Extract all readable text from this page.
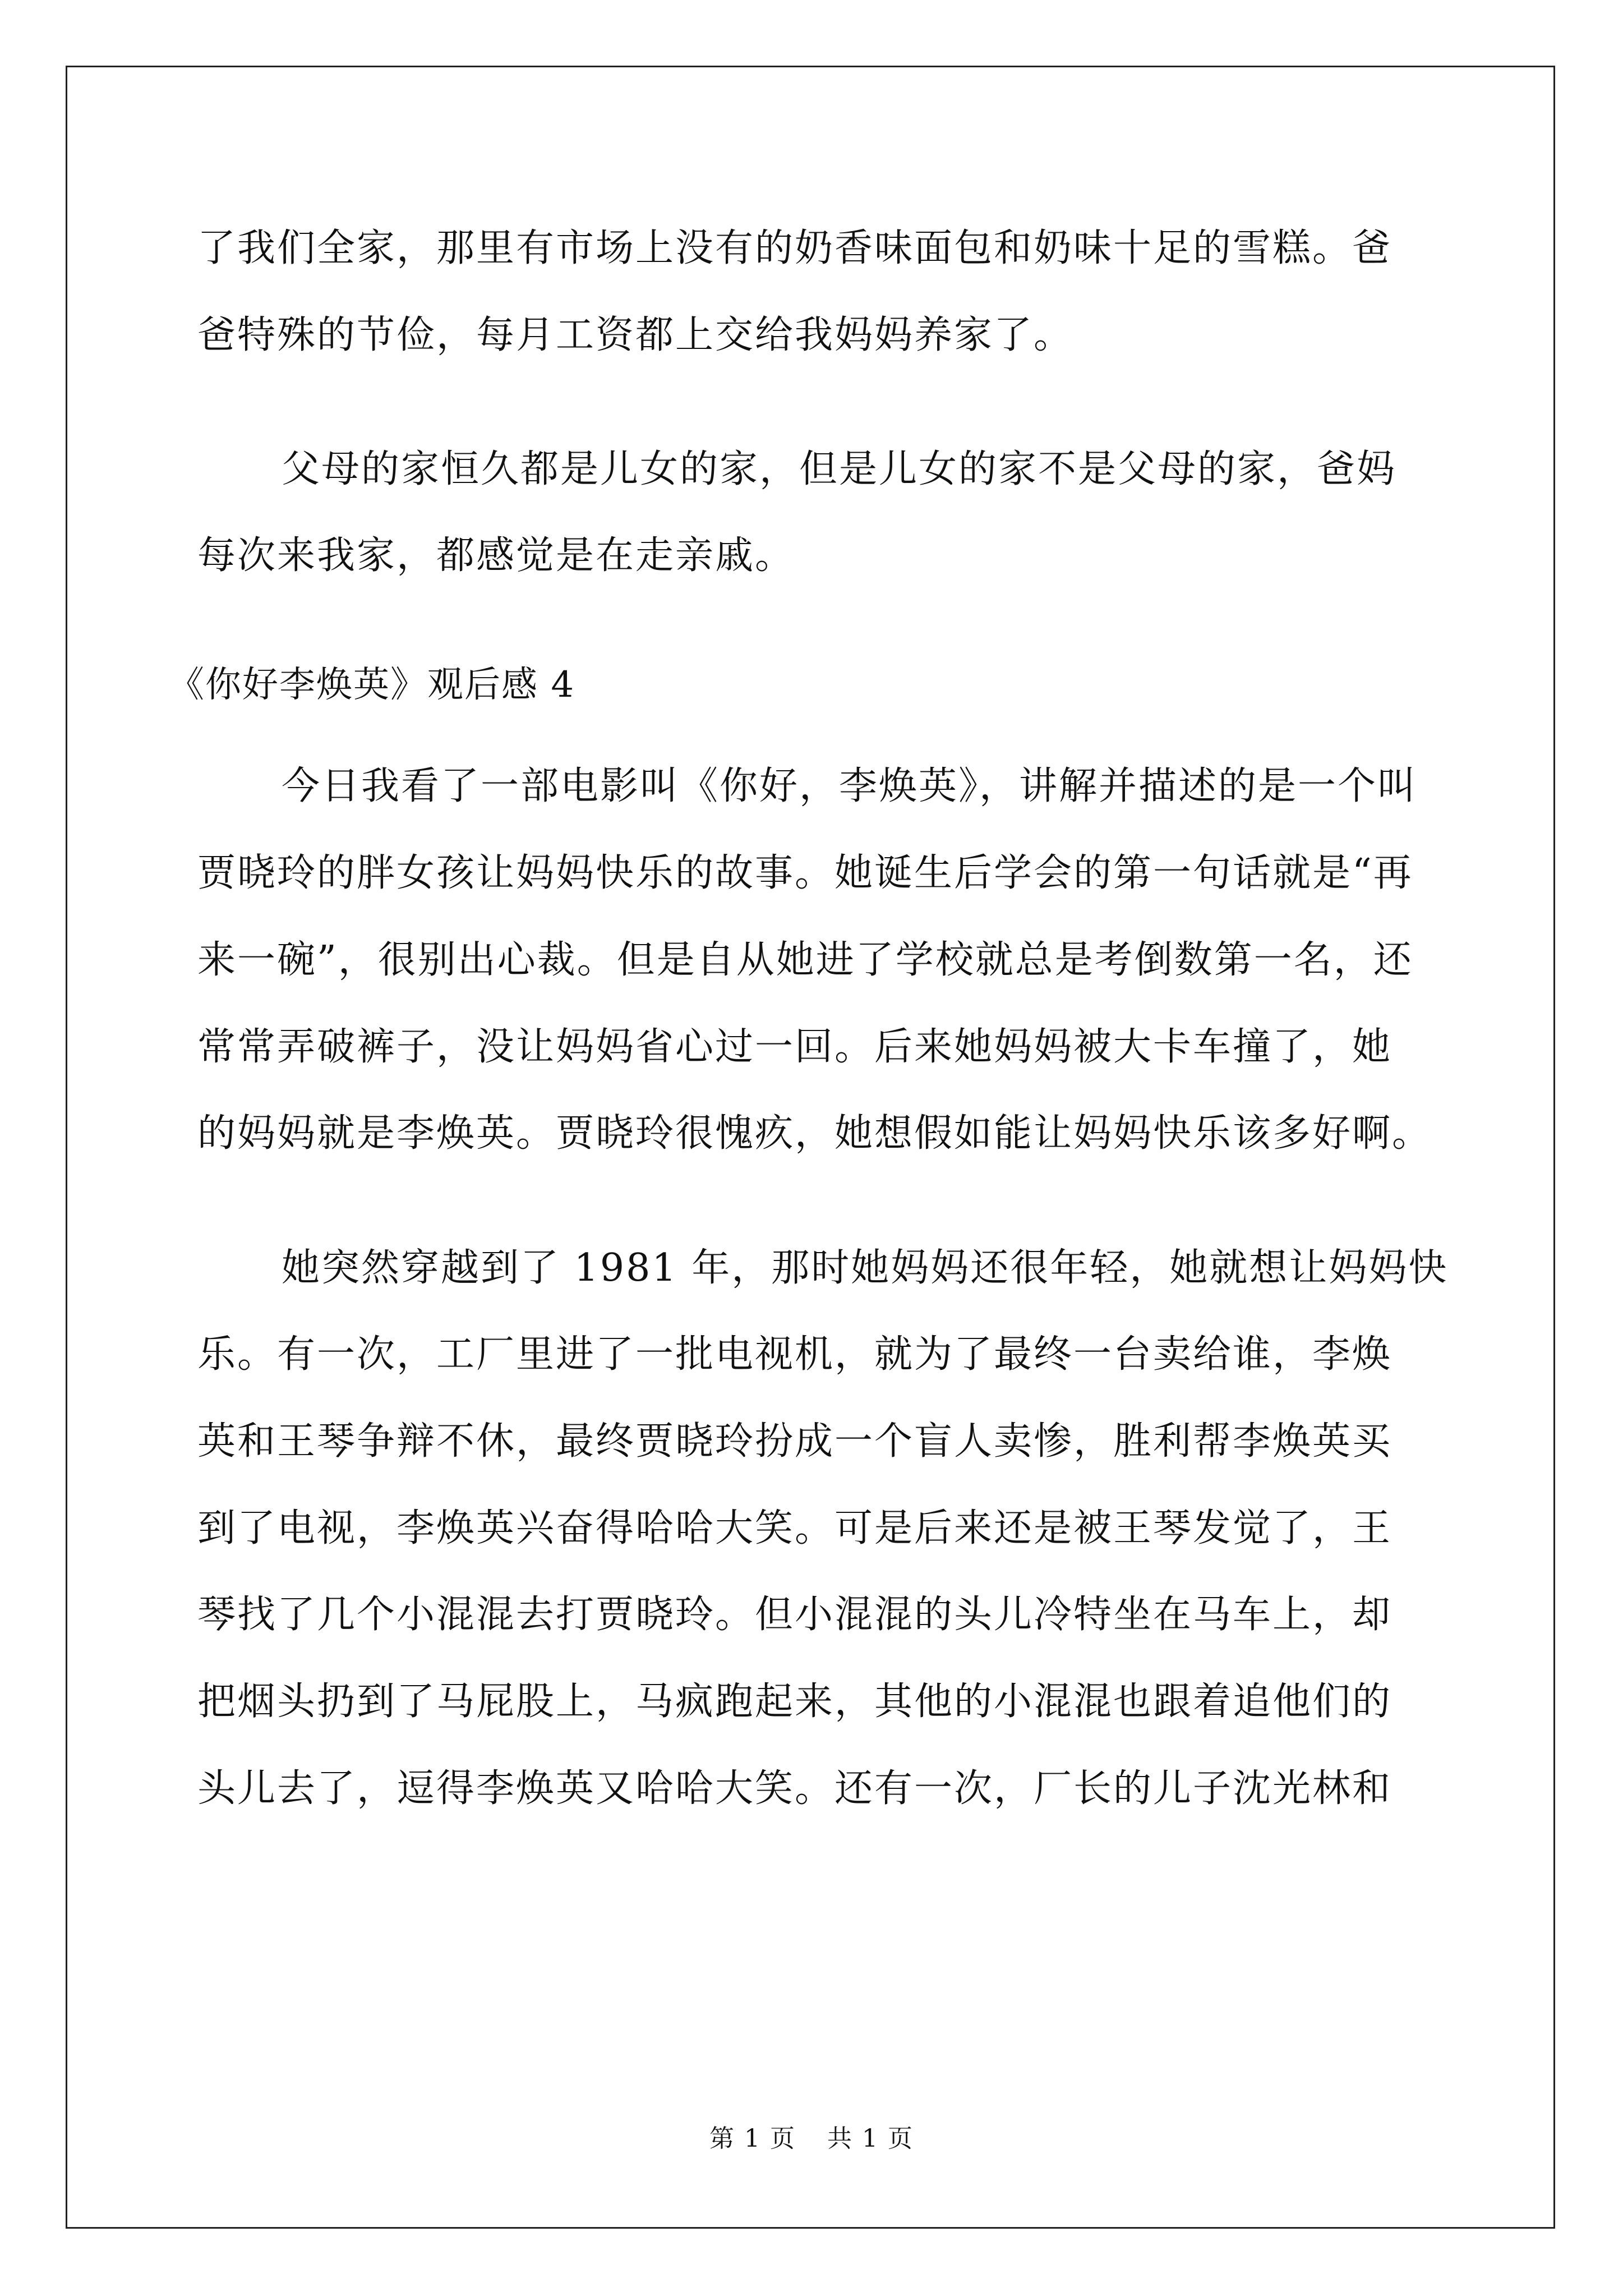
了我们全家，那里有市场上没有的奶香味面包和奶味十足的雪糕。爸

爸特殊的节俭，每月工资都上交给我妈妈养家了。

父母的家恒久都是儿女的家，但是儿女的家不是父母的家，爸妈

每次来我家，都感觉是在走亲戚。

《你好李焕英》观后感 4

今日我看了一部电影叫《你好，李焕英》，讲解并描述的是一个叫

贾晓玲的胖女孩让妈妈快乐的故事。她诞生后学会的第一句话就是“再

来一碗”，很别出心裁。但是自从她进了学校就总是考倒数第一名，还

常常弄破裤子，没让妈妈省心过一回。后来她妈妈被大卡车撞了，她

的妈妈就是李焕英。贾晓玲很愧疚，她想假如能让妈妈快乐该多好啊。

她突然穿越到了 1981 年，那时她妈妈还很年轻，她就想让妈妈快

乐。有一次，工厂里进了一批电视机，就为了最终一台卖给谁，李焕

英和王琴争辩不休，最终贾晓玲扮成一个盲人卖惨，胜利帮李焕英买

到了电视，李焕英兴奋得哈哈大笑。可是后来还是被王琴发觉了，王

琴找了几个小混混去打贾晓玲。但小混混的头儿冷特坐在马车上，却

把烟头扔到了马屁股上，马疯跑起来，其他的小混混也跟着追他们的

头儿去了，逗得李焕英又哈哈大笑。还有一次，厂长的儿子沈光林和

第 1 页 共 1 页
